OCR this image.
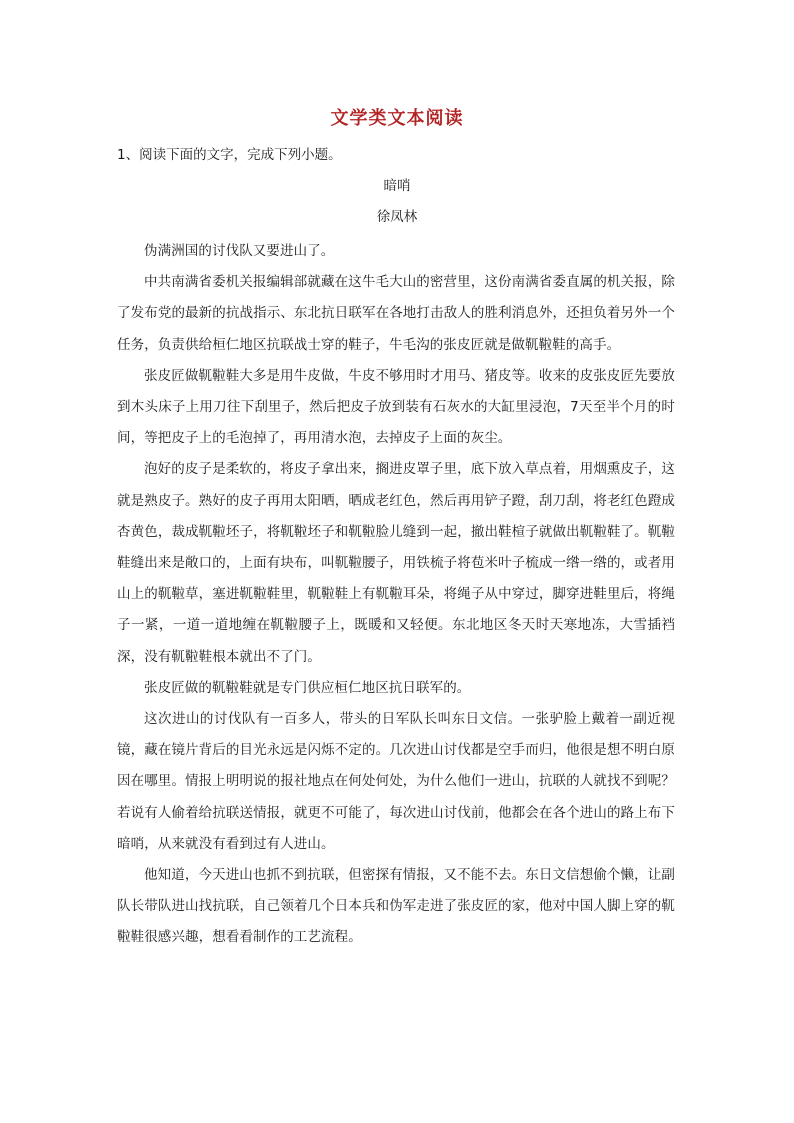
文学类文本阅读
1、阅读下面的文字，完成下列小题。
暗哨
徐凤林

伪满洲国的讨伐队又要进山了。

中共南满省委机关报编辑部就藏在这牛毛大山的密营里，这份南满省委直属的机关报，除了发布党的最新的抗战指示、东北抗日联军在各地打击敌人的胜利消息外，还担负着另外一个任务，负责供给桓仁地区抗联战士穿的鞋子，牛毛沟的张皮匠就是做靰鞡鞋的高手。

张皮匠做靰鞡鞋大多是用牛皮做，牛皮不够用时才用马、猪皮等。收来的皮张皮匠先要放到木头床子上用刀往下刮里子，然后把皮子放到装有石灰水的大缸里浸泡，7天至半个月的时间，等把皮子上的毛泡掉了，再用清水泡，去掉皮子上面的灰尘。

泡好的皮子是柔软的，将皮子拿出来，搁进皮罩子里，底下放入草点着，用烟熏皮子，这就是熟皮子。熟好的皮子再用太阳晒，晒成老红色，然后再用铲子蹬，刮刀刮，将老红色蹬成杏黄色，裁成靰鞡坯子，将靰鞡坯子和靰鞡脸儿缝到一起，撤出鞋楦子就做出靰鞡鞋了。靰鞡鞋缝出来是敞口的，上面有块布，叫靰鞡腰子，用铁梳子将苞米叶子梳成一绺一绺的，或者用山上的靰鞡草，塞进靰鞡鞋里，靰鞡鞋上有靰鞡耳朵，将绳子从中穿过，脚穿进鞋里后，将绳子一紧，一道一道地缠在靰鞡腰子上，既暖和又轻便。东北地区冬天时天寒地冻，大雪插裆深，没有靰鞡鞋根本就出不了门。

张皮匠做的靰鞡鞋就是专门供应桓仁地区抗日联军的。

这次进山的讨伐队有一百多人，带头的日军队长叫东日文信。一张驴脸上戴着一副近视镜，藏在镜片背后的目光永远是闪烁不定的。几次进山讨伐都是空手而归，他很是想不明白原因在哪里。情报上明明说的报社地点在何处何处，为什么他们一进山，抗联的人就找不到呢？若说有人偷着给抗联送情报，就更不可能了，每次进山讨伐前，他都会在各个进山的路上布下暗哨，从来就没有看到过有人进山。

他知道，今天进山也抓不到抗联，但密探有情报，又不能不去。东日文信想偷个懒，让副队长带队进山找抗联，自己领着几个日本兵和伪军走进了张皮匠的家，他对中国人脚上穿的靰鞡鞋很感兴趣，想看看制作的工艺流程。
